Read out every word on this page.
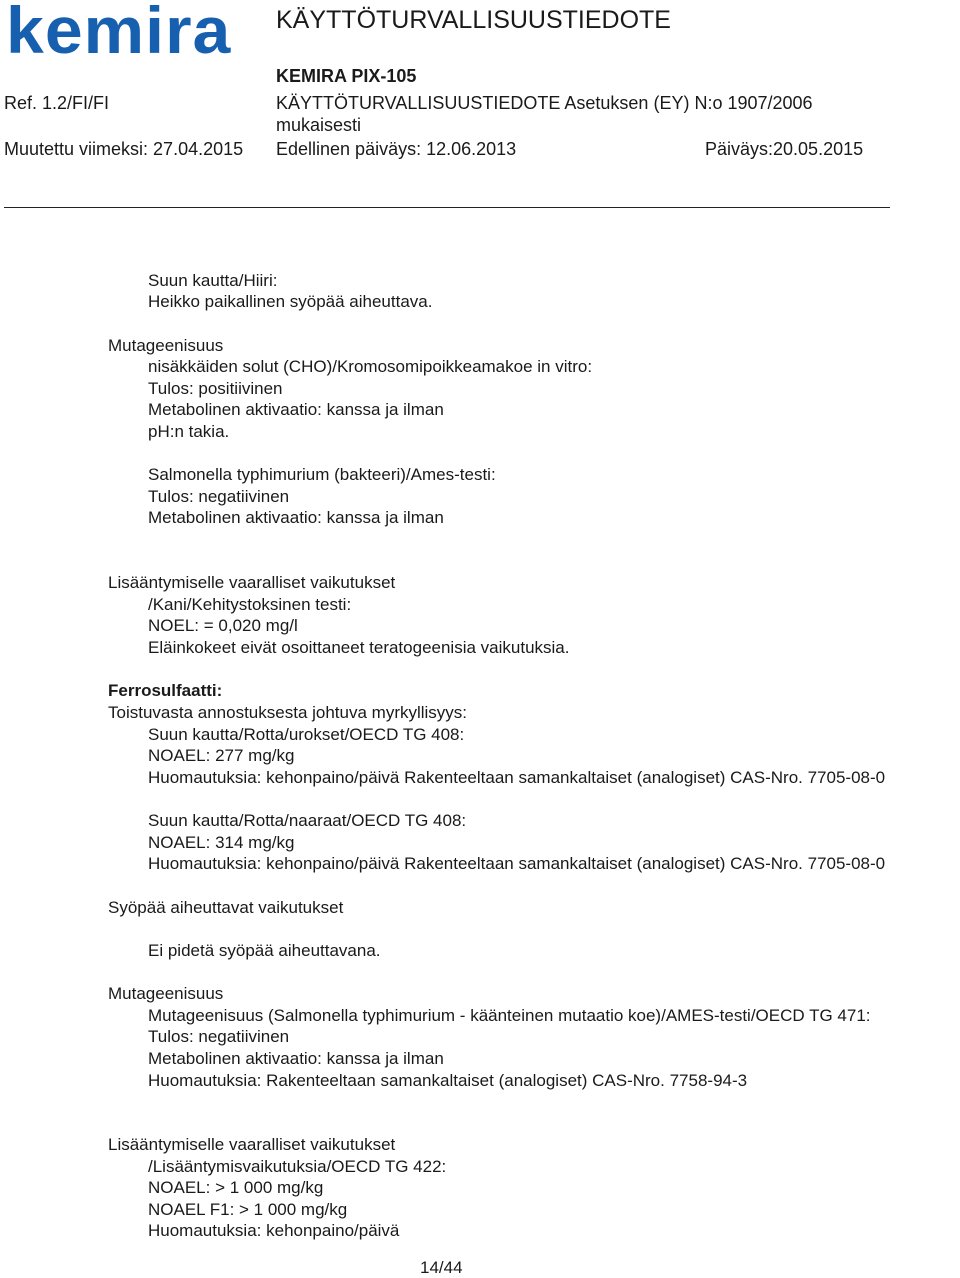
kemira KÄYTTÖTURVALLISUUSTIEDOTE
KEMIRA PIX-105
Ref. 1.2/FI/FI	KÄYTTÖTURVALLISUUSTIEDOTE Asetuksen (EY) N:o 1907/2006
mukaisesti
Muutettu viimeksi: 27.04.2015 Edellinen päiväys: 12.06.2013	Päiväys:20.05.2015
Suun kautta/Hiiri:
Heikko paikallinen syöpää aiheuttava.
Mutageenisuus
nisäkkäiden solut (CHO)/Kromosomipoikkeamakoe in vitro:
Tulos: positiivinen
Metabolinen aktivaatio: kanssa ja ilman
pH:n takia.
Salmonella typhimurium (bakteeri)/Ames-testi:
Tulos: negatiivinen
Metabolinen aktivaatio: kanssa ja ilman
Lisääntymiselle vaaralliset vaikutukset
/Kani/Kehitystoksinen testi:
NOEL: = 0,020 mg/l
Eläinkokeet eivät osoittaneet teratogeenisia vaikutuksia.
Ferrosulfaatti:
Toistuvasta annostuksesta johtuva myrkyllisyys:
Suun kautta/Rotta/urokset/OECD TG 408:
NOAEL: 277 mg/kg
Huomautuksia: kehonpaino/päivä Rakenteeltaan samankaltaiset (analogiset) CAS-Nro. 7705-08-0
Suun kautta/Rotta/naaraat/OECD TG 408:
NOAEL: 314 mg/kg
Huomautuksia: kehonpaino/päivä Rakenteeltaan samankaltaiset (analogiset) CAS-Nro. 7705-08-0
Syöpää aiheuttavat vaikutukset
Ei pidetä syöpää aiheuttavana.
Mutageenisuus
Mutageenisuus (Salmonella typhimurium - käänteinen mutaatio koe)/AMES-testi/OECD TG 471:
Tulos: negatiivinen
Metabolinen aktivaatio: kanssa ja ilman
Huomautuksia: Rakenteeltaan samankaltaiset (analogiset) CAS-Nro. 7758-94-3
Lisääntymiselle vaaralliset vaikutukset
/Lisääntymisvaikutuksia/OECD TG 422:
NOAEL: > 1 000 mg/kg
NOAEL F1: > 1 000 mg/kg
Huomautuksia: kehonpaino/päivä
14/44
